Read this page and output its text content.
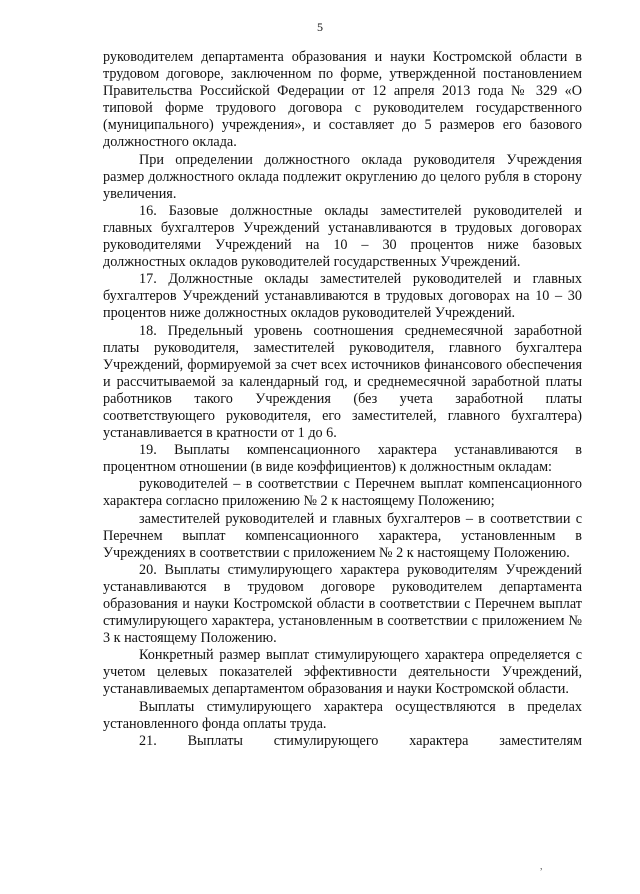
5

руководителем департамента образования и науки Костромской области в трудовом договоре, заключенном по форме, утвержденной постановлением Правительства Российской Федерации от 12 апреля 2013 года № 329 «О типовой форме трудового договора с руководителем государственного (муниципального) учреждения», и составляет до 5 размеров его базового должностного оклада.

При определении должностного оклада руководителя Учреждения размер должностного оклада подлежит округлению до целого рубля в сторону увеличения.

16. Базовые должностные оклады заместителей руководителей и главных бухгалтеров Учреждений устанавливаются в трудовых договорах руководителями Учреждений на 10 – 30 процентов ниже базовых должностных окладов руководителей государственных Учреждений.

17. Должностные оклады заместителей руководителей и главных бухгалтеров Учреждений устанавливаются в трудовых договорах на 10 – 30 процентов ниже должностных окладов руководителей Учреждений.

18. Предельный уровень соотношения среднемесячной заработной платы руководителя, заместителей руководителя, главного бухгалтера Учреждений, формируемой за счет всех источников финансового обеспечения и рассчитываемой за календарный год, и среднемесячной заработной платы работников такого Учреждения (без учета заработной платы соответствующего руководителя, его заместителей, главного бухгалтера) устанавливается в кратности от 1 до 6.

19. Выплаты компенсационного характера устанавливаются в процентном отношении (в виде коэффициентов) к должностным окладам:

руководителей – в соответствии с Перечнем выплат компенсационного характера согласно приложению № 2 к настоящему Положению;

заместителей руководителей и главных бухгалтеров – в соответствии с Перечнем выплат компенсационного характера, установленным в Учреждениях в соответствии с приложением № 2 к настоящему Положению.

20. Выплаты стимулирующего характера руководителям Учреждений устанавливаются в трудовом договоре руководителем департамента образования и науки Костромской области в соответствии с Перечнем выплат стимулирующего характера, установленным в соответствии с приложением № 3 к настоящему Положению.

Конкретный размер выплат стимулирующего характера определяется с учетом целевых показателей эффективности деятельности Учреждений, устанавливаемых департаментом образования и науки Костромской области.

Выплаты стимулирующего характера осуществляются в пределах установленного фонда оплаты труда.

21. Выплаты стимулирующего характера заместителям

,
